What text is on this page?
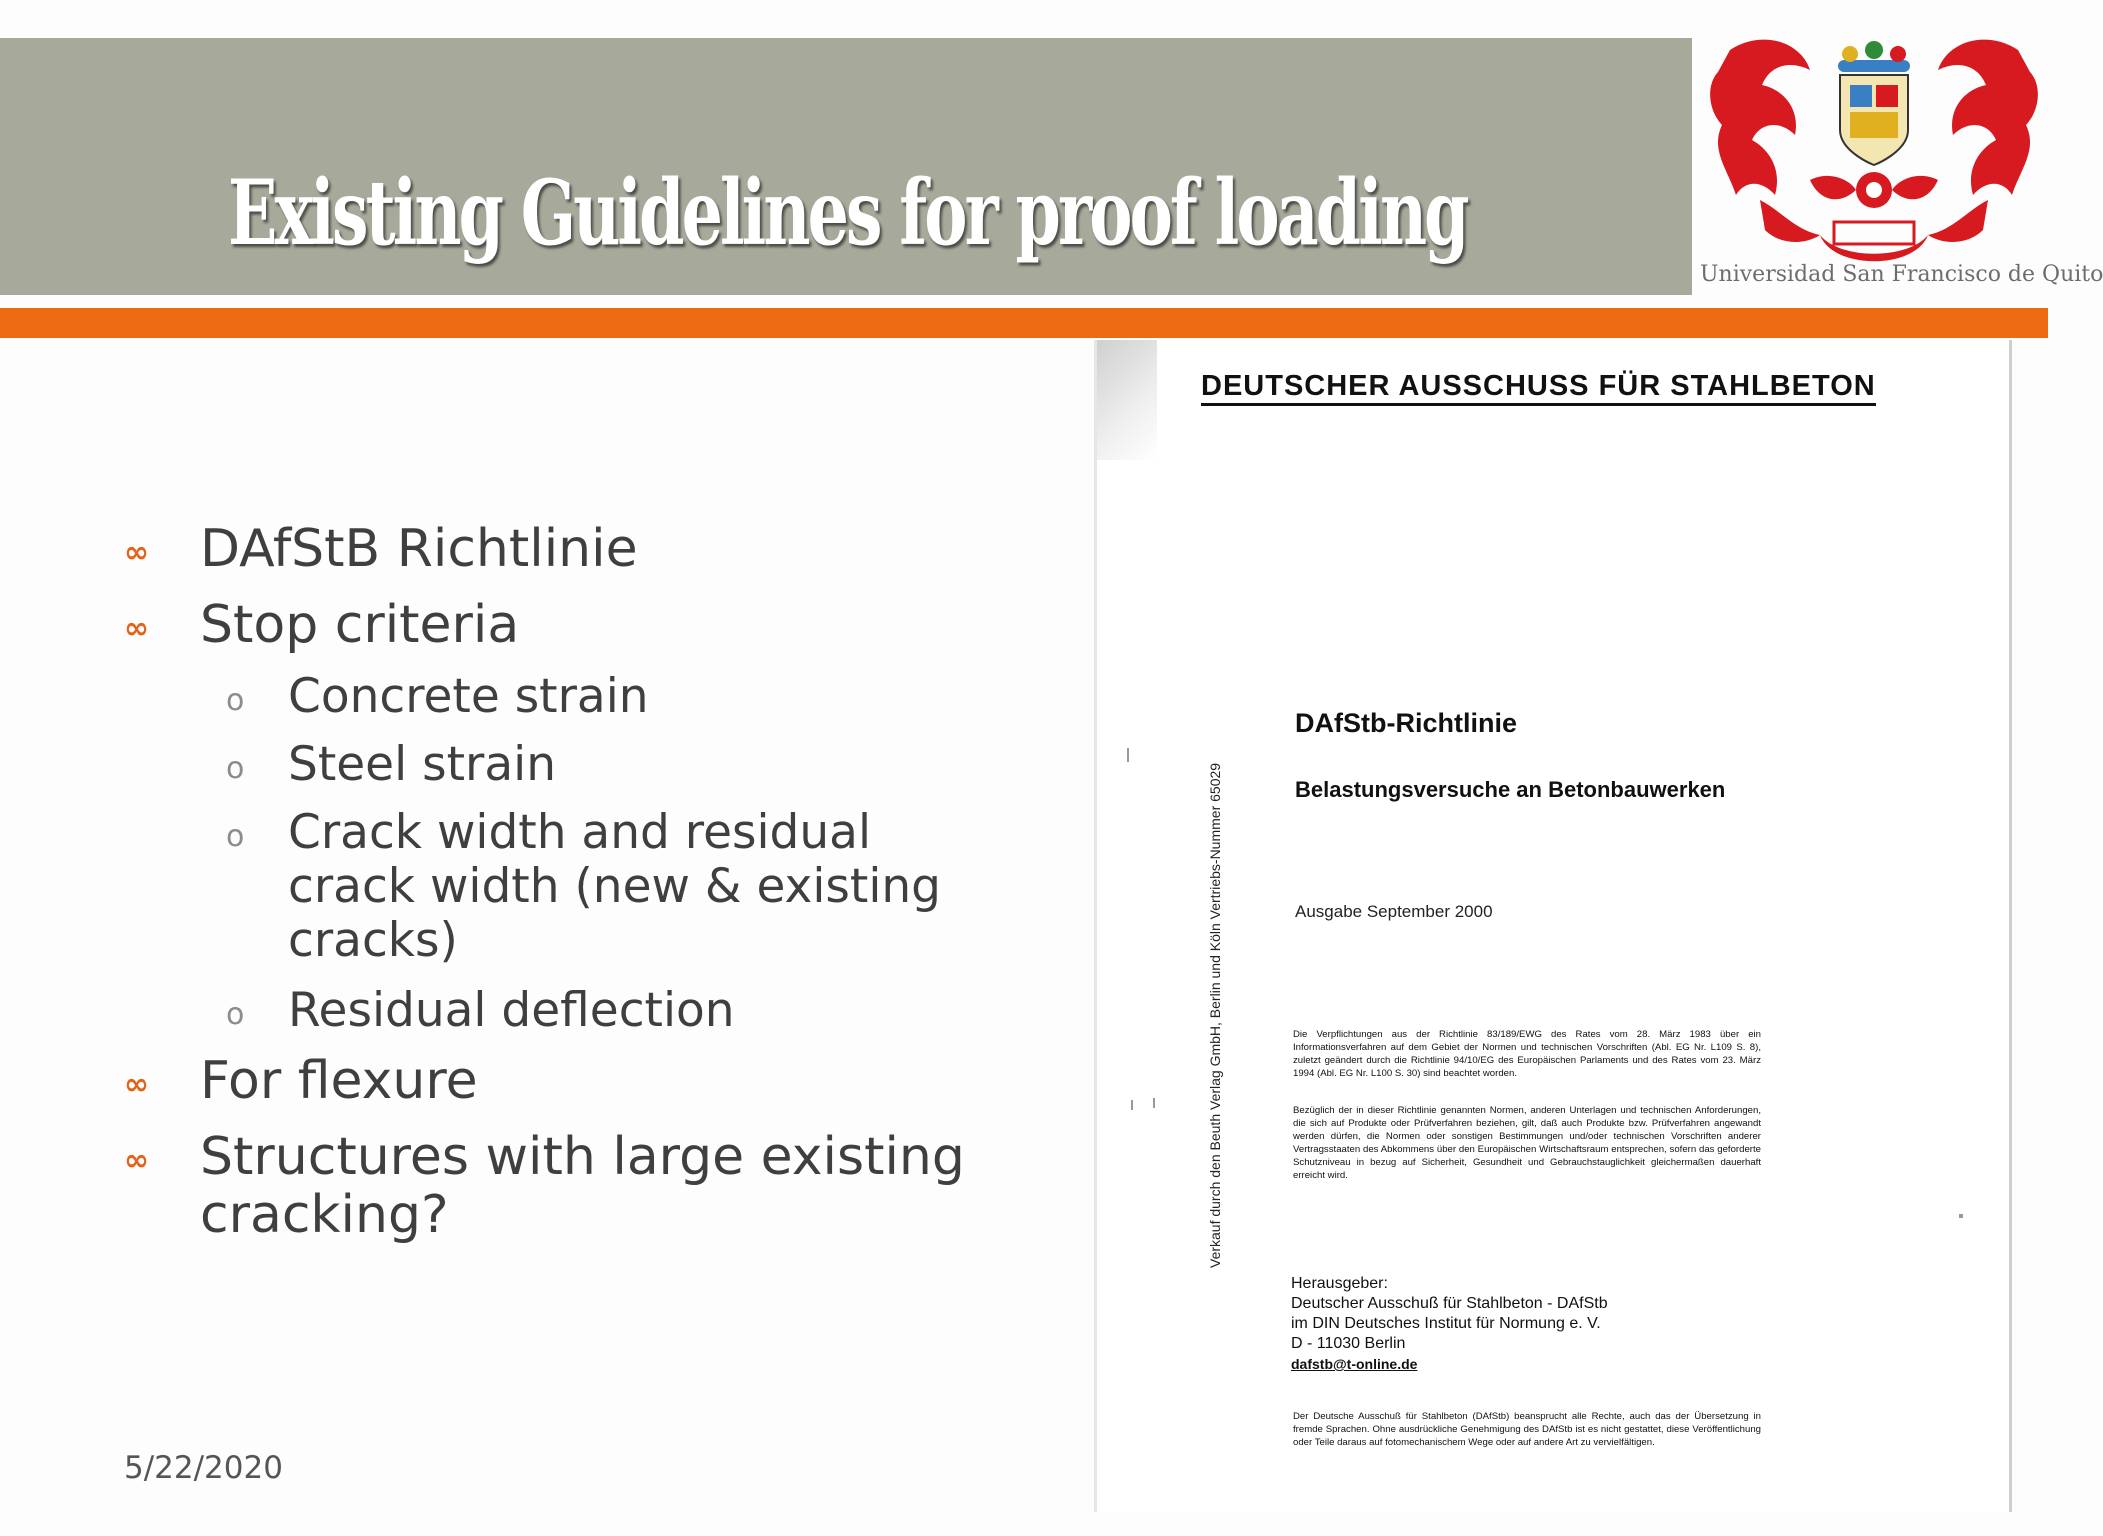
Existing Guidelines for proof loading
Universidad San Francisco de Quito
∞ DAfStB Richtlinie
∞ Stop criteria
o Concrete strain
o Steel strain
o Crack width and residual
crack width (new & existing
cracks)
o Residual deflection
∞ For flexure
∞ Structures with large existing
cracking?
5/22/2020
DEUTSCHER AUSSCHUSS FÜR STAHLBETON
Verkauf durch den Beuth Verlag GmbH, Berlin und Köln Vertriebs-Nummer 65029
DAfStb-Richtlinie
Belastungsversuche an Betonbauwerken
Ausgabe September 2000
Die Verpflichtungen aus der Richtlinie 83/189/EWG des Rates vom 28. März 1983 über ein Informationsverfahren auf dem Gebiet der Normen und technischen Vorschriften (Abl. EG Nr. L109 S. 8), zuletzt geändert durch die Richtlinie 94/10/EG des Europäischen Parlaments und des Rates vom 23. März 1994 (Abl. EG Nr. L100 S. 30) sind beachtet worden.
Bezüglich der in dieser Richtlinie genannten Normen, anderen Unterlagen und technischen Anforderungen, die sich auf Produkte oder Prüfverfahren beziehen, gilt, daß auch Produkte bzw. Prüfverfahren angewandt werden dürfen, die Normen oder sonstigen Bestimmungen und/oder technischen Vorschriften anderer Vertragsstaaten des Abkommens über den Europäischen Wirtschaftsraum entsprechen, sofern das geforderte Schutzniveau in bezug auf Sicherheit, Gesundheit und Gebrauchstauglichkeit gleichermaßen dauerhaft erreicht wird.
Herausgeber:
Deutscher Ausschuß für Stahlbeton - DAfStb
im DIN Deutsches Institut für Normung e. V.
D - 11030 Berlin
dafstb@t-online.de
Der Deutsche Ausschuß für Stahlbeton (DAfStb) beansprucht alle Rechte, auch das der Übersetzung in fremde Sprachen. Ohne ausdrückliche Genehmigung des DAfStb ist es nicht gestattet, diese Veröffentlichung oder Teile daraus auf fotomechanischem Wege oder auf andere Art zu vervielfältigen.
